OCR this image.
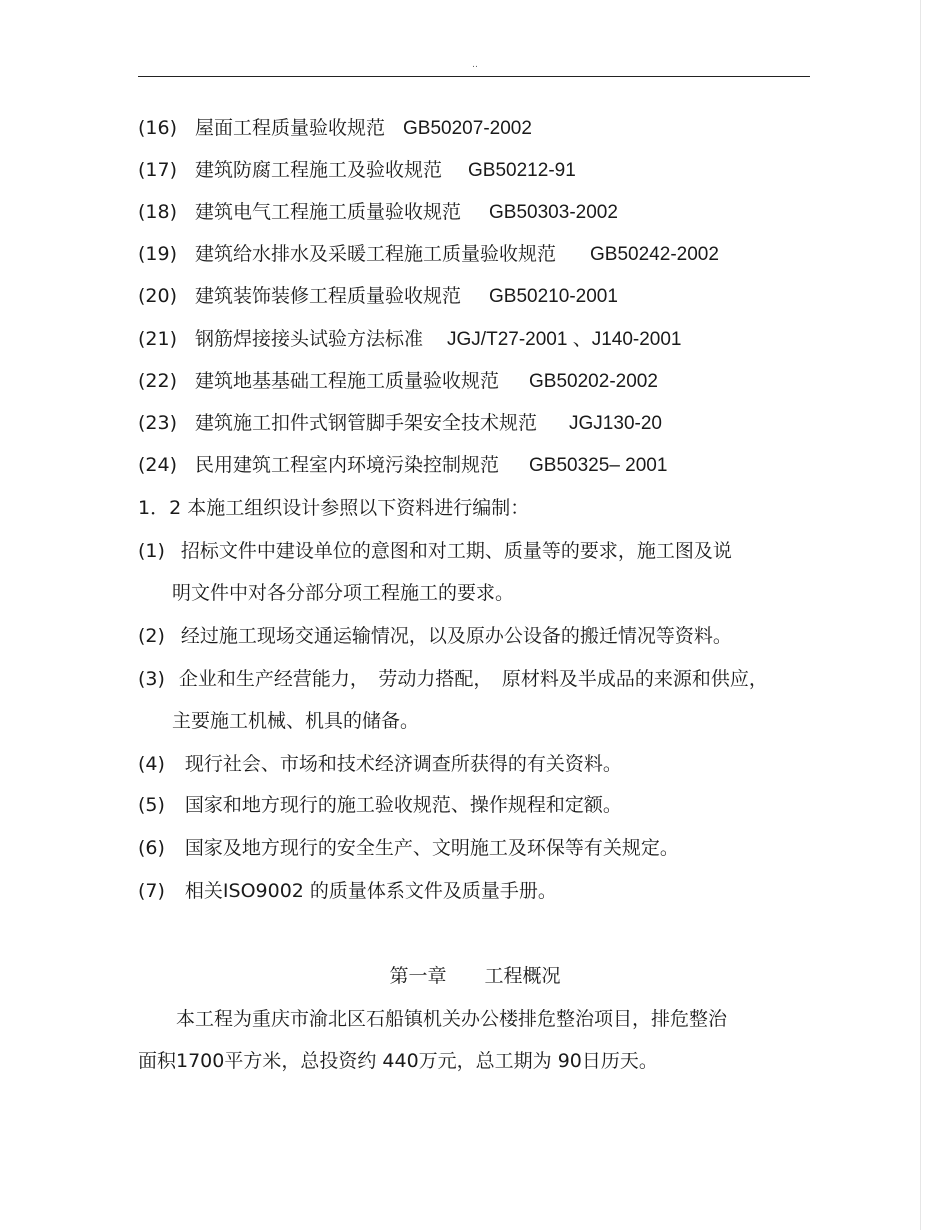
..
(16) 屋面工程质量验收规范 GB50207-2002
(17) 建筑防腐工程施工及验收规范 GB50212-91
(18) 建筑电气工程施工质量验收规范 GB50303-2002
(19) 建筑给水排水及采暖工程施工质量验收规范 GB50242-2002
(20) 建筑装饰装修工程质量验收规范 GB50210-2001
(21) 钢筋焊接接头试验方法标准 JGJ/T27-2001 、J140-2001
(22) 建筑地基基础工程施工质量验收规范 GB50202-2002
(23) 建筑施工扣件式钢管脚手架安全技术规范 JGJ130-20
(24) 民用建筑工程室内环境污染控制规范 GB50325– 2001
1．2 本施工组织设计参照以下资料进行编制：
(1) 招标文件中建设单位的意图和对工期、质量等的要求，施工图及说
明文件中对各分部分项工程施工的要求。
(2) 经过施工现场交通运输情况，以及原办公设备的搬迁情况等资料。
(3) 企业和生产经营能力，　劳动力搭配，　原材料及半成品的来源和供应，
主要施工机械、机具的储备。
(4) 现行社会、市场和技术经济调查所获得的有关资料。
(5) 国家和地方现行的施工验收规范、操作规程和定额。
(6) 国家及地方现行的安全生产、文明施工及环保等有关规定。
(7) 相关ISO9002 的质量体系文件及质量手册。
第一章 工程概况
本工程为重庆市渝北区石船镇机关办公楼排危整治项目，排危整治
面积1700平方米，总投资约 440万元，总工期为 90日历天。
